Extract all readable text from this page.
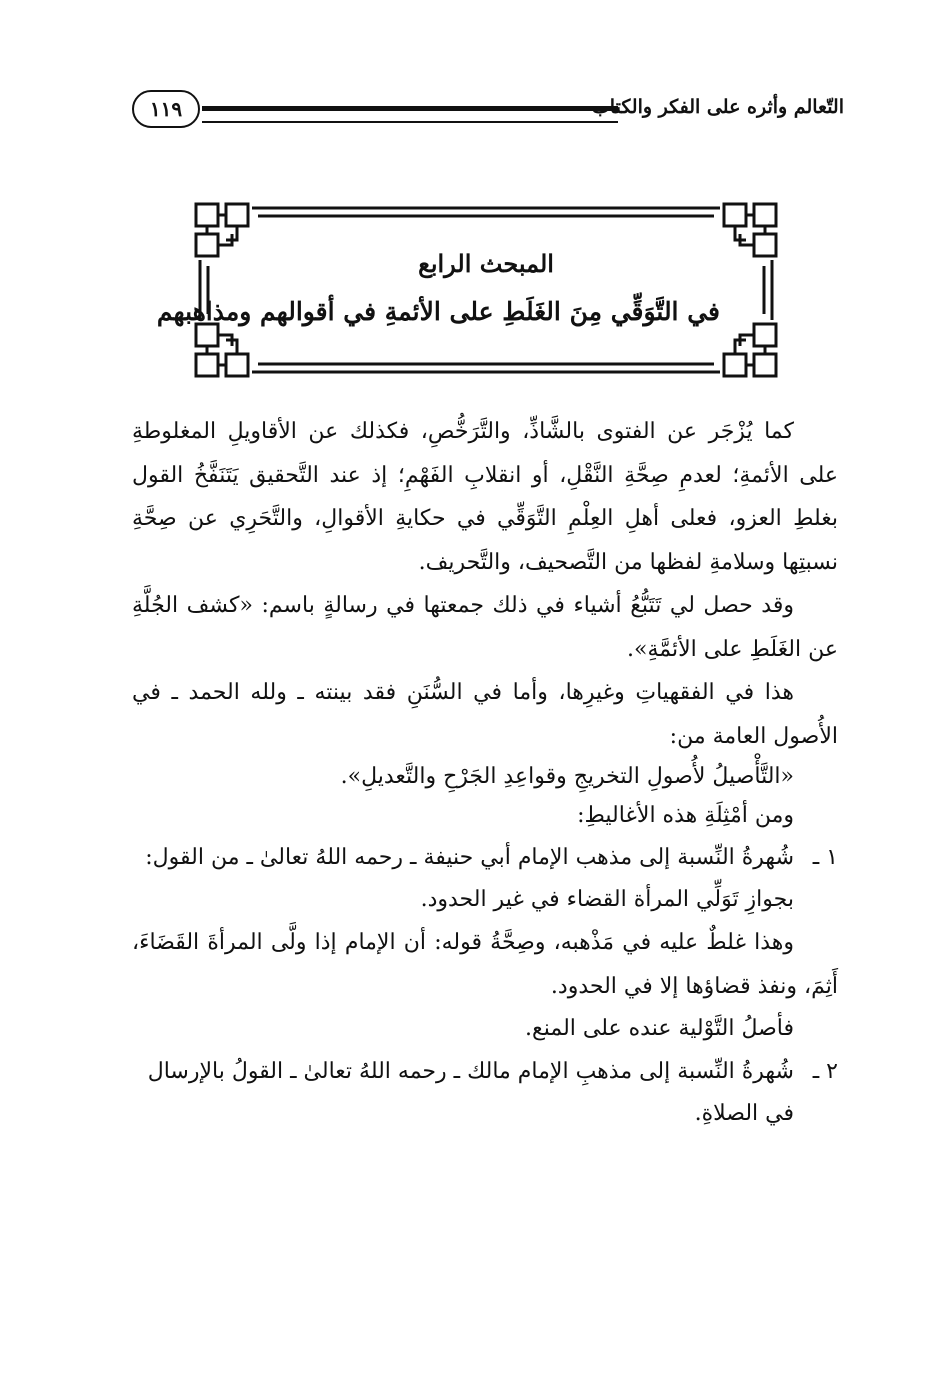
التّعالم وأثره على الفكر والكتاب
١١٩
المبحث الرابع
في التَّوَقِّي مِنَ الغَلَطِ على الأئمةِ في أقوالهم ومذاهبهم

كما يُزْجَر عن الفتوى بالشَّاذِّ، والتَّرَخُّصِ، فكذلك عن الأقاويلِ المغلوطةِ على الأئمةِ؛ لعدمِ صِحَّةِ النَّقْلِ، أو انقلابِ الفَهْمِ؛ إذ عند التَّحقيق يَتَنَفَّخُ القول بغلطِ العزو، فعلى أهلِ العِلْمِ التَّوَقِّي في حكايةِ الأقوالِ، والتَّحَرِي عن صِحَّةِ نسبتِها وسلامةِ لفظها من التَّصحيف، والتَّحريف.

وقد حصل لي تَتَبُّعُ أشياء في ذلك جمعتها في رسالةٍ باسم: «كشف الجُلَّةِ عن الغَلَطِ على الأئمَّةِ».

هذا في الفقهياتِ وغيرِها، وأما في السُّنَنِ فقد بينته ـ ولله الحمد ـ في الأُصول العامة من:

«التَّأْصيلُ لأُصولِ التخريجِ وقواعِدِ الجَرْحِ والتَّعديلِ».

ومن أمْثِلَةِ هذه الأغاليطِ:

١ ـ
شُهرةُ النِّسبة إلى مذهب الإمام أبي حنيفة ـ رحمه اللهُ تعالىٰ ـ من القول:

بجوازِ تَوَلِّي المرأة القضاء في غير الحدود.

وهذا غلطٌ عليه في مَذْهبه، وصِحَّةُ قوله: أن الإمام إذا ولَّى المرأةَ القَضَاءَ، أَثِمَ، ونفذ قضاؤها إلا في الحدود.

فأصلُ التَّوْلية عنده على المنع.

٢ ـ
شُهرةُ النِّسبة إلى مذهبِ الإمام مالك ـ رحمه اللهُ تعالىٰ ـ القولُ بالإرسال

في الصلاةِ.
